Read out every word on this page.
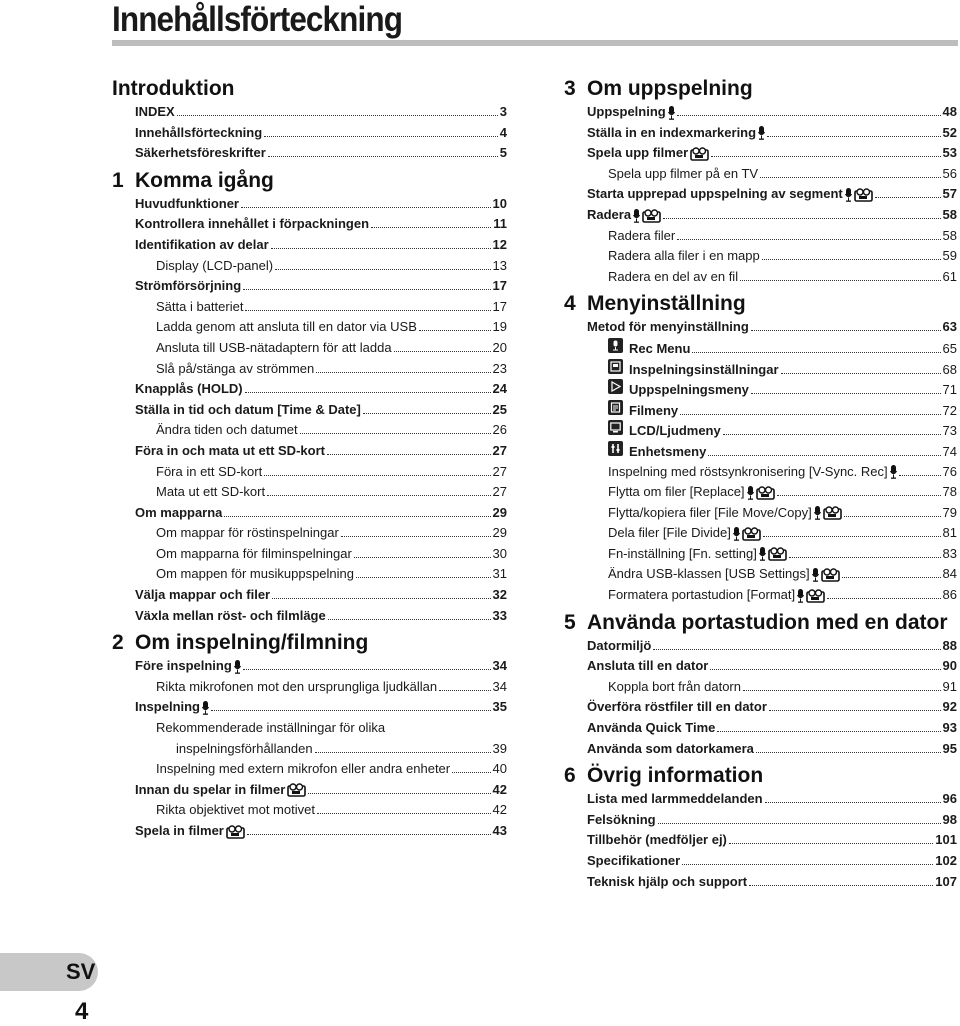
Innehållsförteckning
Introduktion
INDEX	3
Innehållsförteckning	4
Säkerhetsföreskrifter	5
1 Komma igång
Huvudfunktioner	10
Kontrollera innehållet i förpackningen	11
Identifikation av delar	12
Display (LCD-panel)	13
Strömförsörjning	17
Sätta i batteriet	17
Ladda genom att ansluta till en dator via USB	19
Ansluta till USB-nätadaptern för att ladda	20
Slå på/stänga av strömmen	23
Knapplås (HOLD)	24
Ställa in tid och datum [Time & Date]	25
Ändra tiden och datumet	26
Föra in och mata ut ett SD-kort	27
Föra in ett SD-kort	27
Mata ut ett SD-kort	27
Om mapparna	29
Om mappar för röstinspelningar	29
Om mapparna för filminspelningar	30
Om mappen för musikuppspelning	31
Välja mappar och filer	32
Växla mellan röst- och filmläge	33
2 Om inspelning/filmning
Före inspelning	34
Rikta mikrofonen mot den ursprungliga ljudkällan	34
Inspelning	35
Rekommenderade inställningar för olika
inspelningsförhållanden	39
Inspelning med extern mikrofon eller andra enheter	40
Innan du spelar in filmer	42
Rikta objektivet mot motivet	42
Spela in filmer	43
3 Om uppspelning
Uppspelning	48
Ställa in en indexmarkering	52
Spela upp filmer	53
Spela upp filmer på en TV	56
Starta upprepad uppspelning av segment	57
Radera	58
Radera filer	58
Radera alla filer i en mapp	59
Radera en del av en fil	61
4 Menyinställning
Metod för menyinställning	63
Rec Menu	65
Inspelningsinställningar	68
Uppspelningsmeny	71
Filmeny	72
LCD/Ljudmeny	73
Enhetsmeny	74
Inspelning med röstsynkronisering [V-Sync. Rec]	76
Flytta om filer [Replace]	78
Flytta/kopiera filer [File Move/Copy]	79
Dela filer [File Divide]	81
Fn-inställning [Fn. setting]	83
Ändra USB-klassen [USB Settings]	84
Formatera portastudion [Format]	86
5 Använda portastudion med en dator
Datormiljö	88
Ansluta till en dator	90
Koppla bort från datorn	91
Överföra röstfiler till en dator	92
Använda Quick Time	93
Använda som datorkamera	95
6 Övrig information
Lista med larmmeddelanden	96
Felsökning	98
Tillbehör (medföljer ej)	101
Specifikationer	102
Teknisk hjälp och support	107
SV
4
